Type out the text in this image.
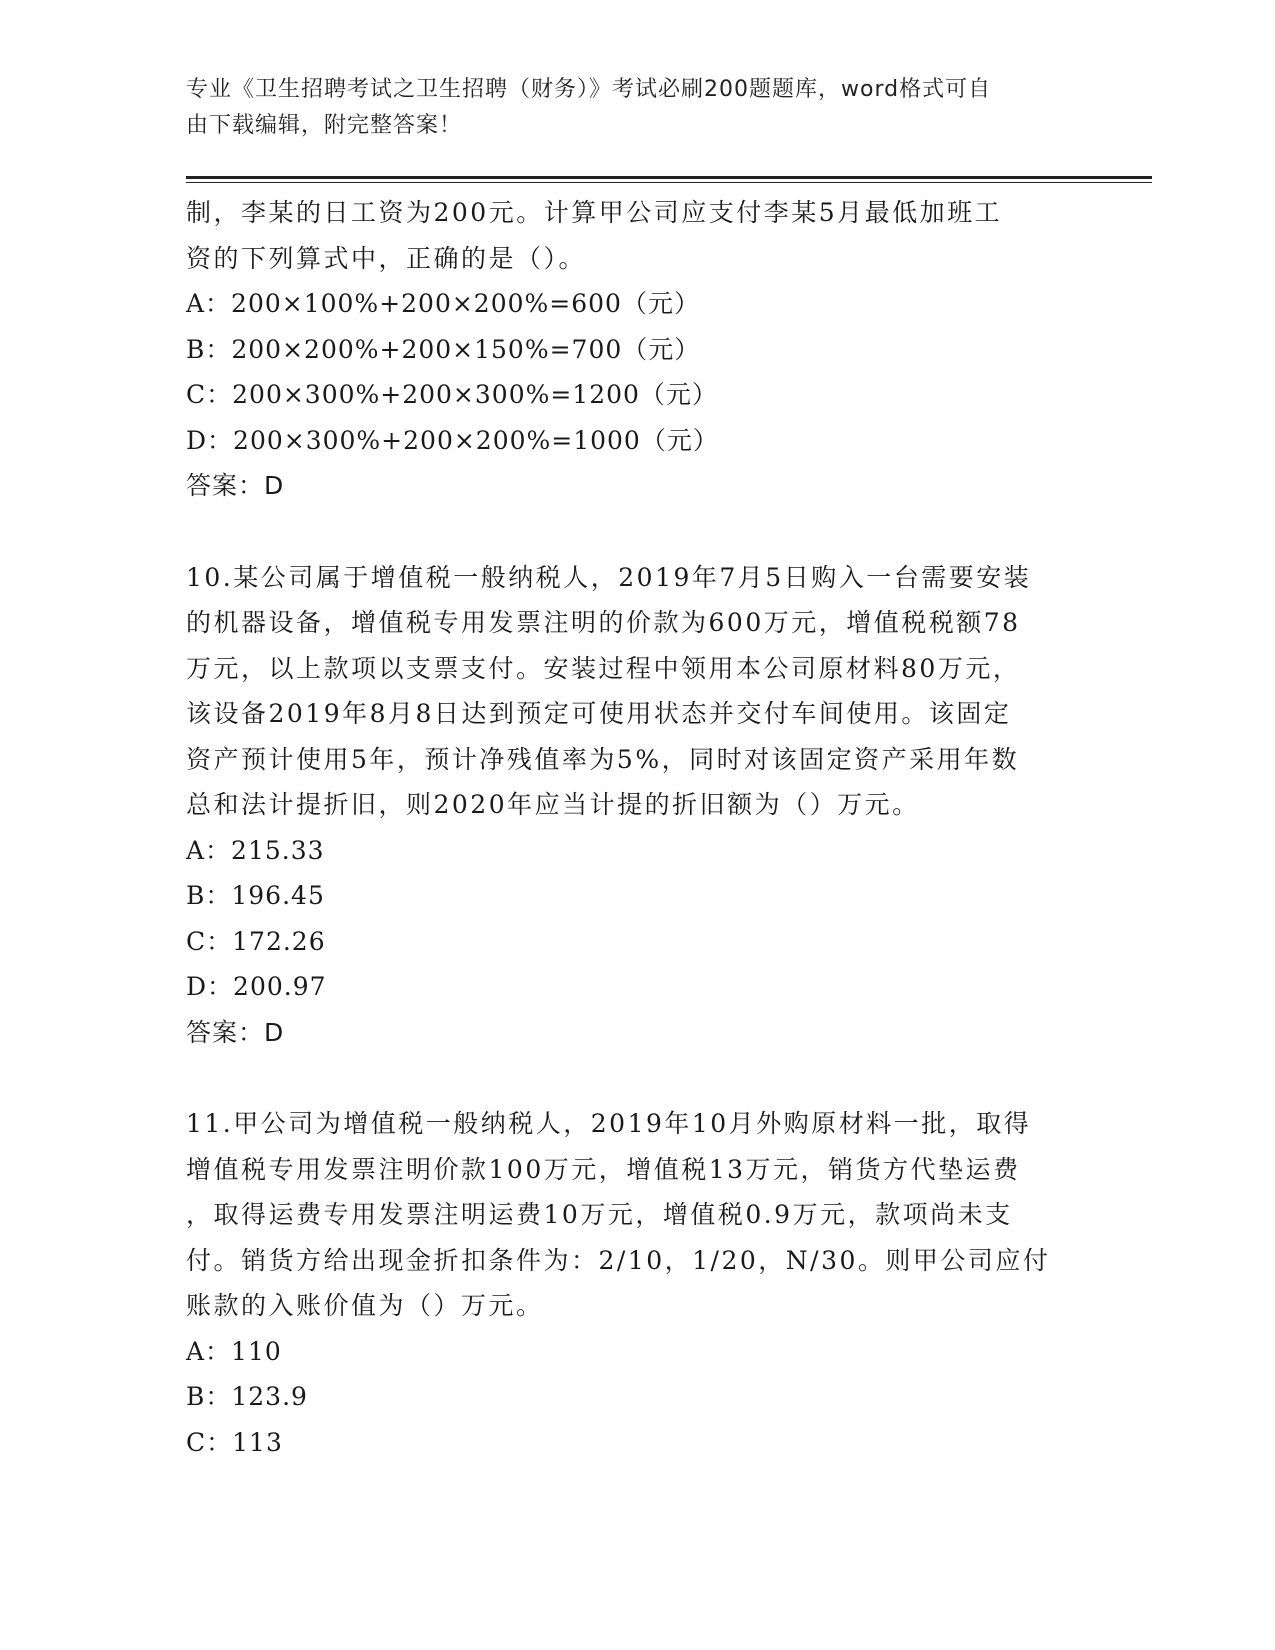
专业《卫生招聘考试之卫生招聘（财务）》考试必刷200题题库，word格式可自
由下载编辑，附完整答案！

制，李某的日工资为200元。计算甲公司应支付李某5月最低加班工

资的下列算式中，正确的是（）。

A：200×100%+200×200%=600（元）

B：200×200%+200×150%=700（元）

C：200×300%+200×300%=1200（元）

D：200×300%+200×200%=1000（元）

答案：D

10.某公司属于增值税一般纳税人，2019年7月5日购入一台需要安装

的机器设备，增值税专用发票注明的价款为600万元，增值税税额78

万元，以上款项以支票支付。安装过程中领用本公司原材料80万元，

该设备2019年8月8日达到预定可使用状态并交付车间使用。该固定

资产预计使用5年，预计净残值率为5%，同时对该固定资产采用年数

总和法计提折旧，则2020年应当计提的折旧额为（）万元。

A：215.33

B：196.45

C：172.26

D：200.97

答案：D

11.甲公司为增值税一般纳税人，2019年10月外购原材料一批，取得

增值税专用发票注明价款100万元，增值税13万元，销货方代垫运费

，取得运费专用发票注明运费10万元，增值税0.9万元，款项尚未支

付。销货方给出现金折扣条件为：2/10，1/20，N/30。则甲公司应付

账款的入账价值为（）万元。

A：110

B：123.9

C：113
